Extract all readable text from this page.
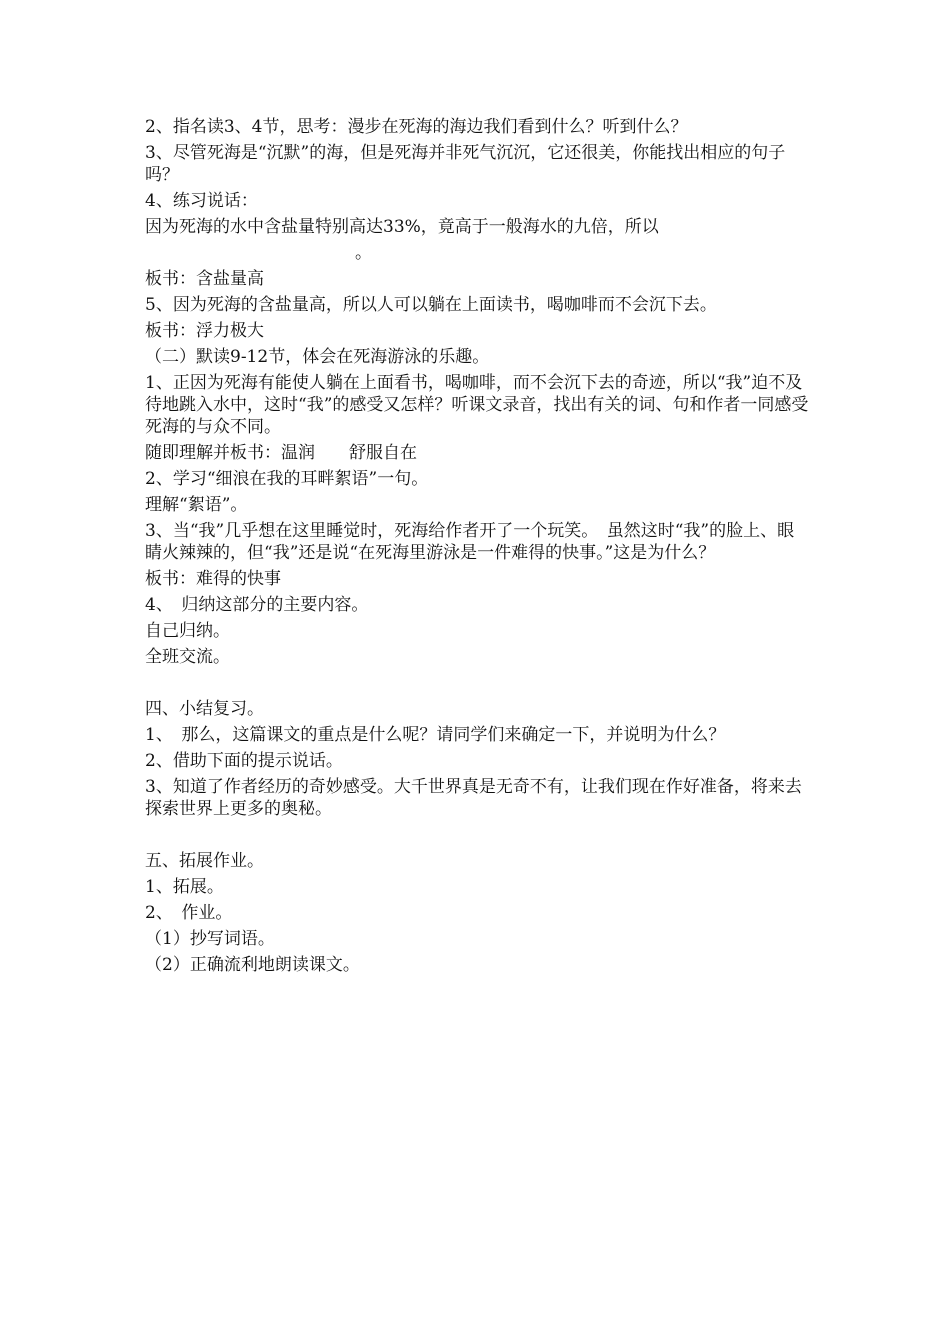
2、指名读3、4节，思考：漫步在死海的海边我们看到什么？听到什么？

3、尽管死海是“沉默”的海，但是死海并非死气沉沉，它还很美，你能找出相应的句子吗？

4、练习说话：

因为死海的水中含盐量特别高达33%，竟高于一般海水的九倍，所以

。

板书：含盐量高

5、因为死海的含盐量高，所以人可以躺在上面读书，喝咖啡而不会沉下去。

板书：浮力极大

（二）默读9-12节，体会在死海游泳的乐趣。

1、正因为死海有能使人躺在上面看书，喝咖啡，而不会沉下去的奇迹，所以“我”迫不及待地跳入水中，这时“我”的感受又怎样？听课文录音，找出有关的词、句和作者一同感受死海的与众不同。

随即理解并板书：温润　　舒服自在

2、学习“细浪在我的耳畔絮语”一句。

理解“絮语”。

3、当“我”几乎想在这里睡觉时，死海给作者开了一个玩笑。　虽然这时“我”的脸上、眼睛火辣辣的，但“我”还是说“在死海里游泳是一件难得的快事。”这是为什么？

板书：难得的快事

4、　归纳这部分的主要内容。

自己归纳。

全班交流。

四、小结复习。

1、　那么，这篇课文的重点是什么呢？请同学们来确定一下，并说明为什么？

2、借助下面的提示说话。

3、知道了作者经历的奇妙感受。大千世界真是无奇不有，让我们现在作好准备，将来去探索世界上更多的奥秘。

五、拓展作业。

1、拓展。

2、　作业。

（1）抄写词语。

（2）正确流利地朗读课文。
